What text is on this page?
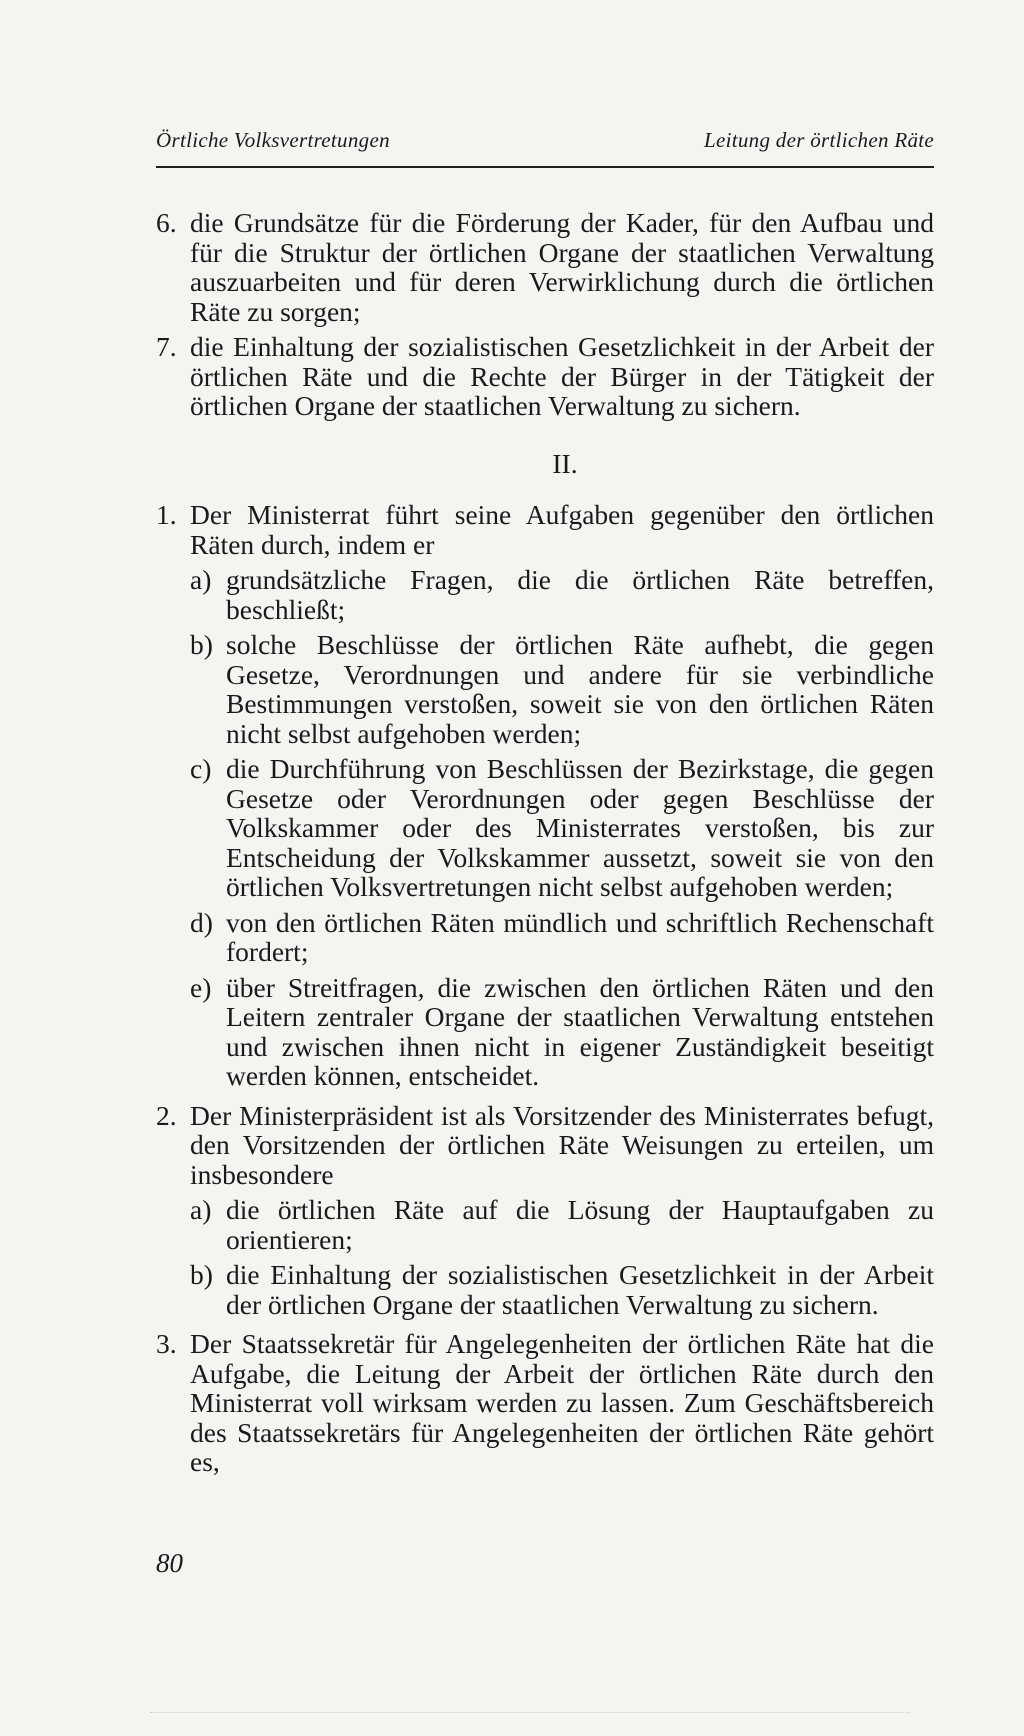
Örtliche Volksvertretungen	Leitung der örtlichen Räte
6. die Grundsätze für die Förderung der Kader, für den Aufbau und für die Struktur der örtlichen Organe der staatlichen Verwaltung auszuarbeiten und für deren Verwirklichung durch die örtlichen Räte zu sorgen;
7. die Einhaltung der sozialistischen Gesetzlichkeit in der Arbeit der örtlichen Räte und die Rechte der Bürger in der Tätigkeit der örtlichen Organe der staatlichen Verwaltung zu sichern.
II.
1. Der Ministerrat führt seine Aufgaben gegenüber den örtlichen Räten durch, indem er
a) grundsätzliche Fragen, die die örtlichen Räte betreffen, beschließt;
b) solche Beschlüsse der örtlichen Räte aufhebt, die gegen Gesetze, Verordnungen und andere für sie verbindliche Bestimmungen verstoßen, soweit sie von den örtlichen Räten nicht selbst aufgehoben werden;
c) die Durchführung von Beschlüssen der Bezirkstage, die gegen Gesetze oder Verordnungen oder gegen Beschlüsse der Volkskammer oder des Ministerrates verstoßen, bis zur Entscheidung der Volkskammer aussetzt, soweit sie von den örtlichen Volksvertretungen nicht selbst aufgehoben werden;
d) von den örtlichen Räten mündlich und schriftlich Rechenschaft fordert;
e) über Streitfragen, die zwischen den örtlichen Räten und den Leitern zentraler Organe der staatlichen Verwaltung entstehen und zwischen ihnen nicht in eigener Zuständigkeit beseitigt werden können, entscheidet.
2. Der Ministerpräsident ist als Vorsitzender des Ministerrates befugt, den Vorsitzenden der örtlichen Räte Weisungen zu erteilen, um insbesondere
a) die örtlichen Räte auf die Lösung der Hauptaufgaben zu orientieren;
b) die Einhaltung der sozialistischen Gesetzlichkeit in der Arbeit der örtlichen Organe der staatlichen Verwaltung zu sichern.
3. Der Staatssekretär für Angelegenheiten der örtlichen Räte hat die Aufgabe, die Leitung der Arbeit der örtlichen Räte durch den Ministerrat voll wirksam werden zu lassen. Zum Geschäftsbereich des Staatssekretärs für Angelegenheiten der örtlichen Räte gehört es,
80
